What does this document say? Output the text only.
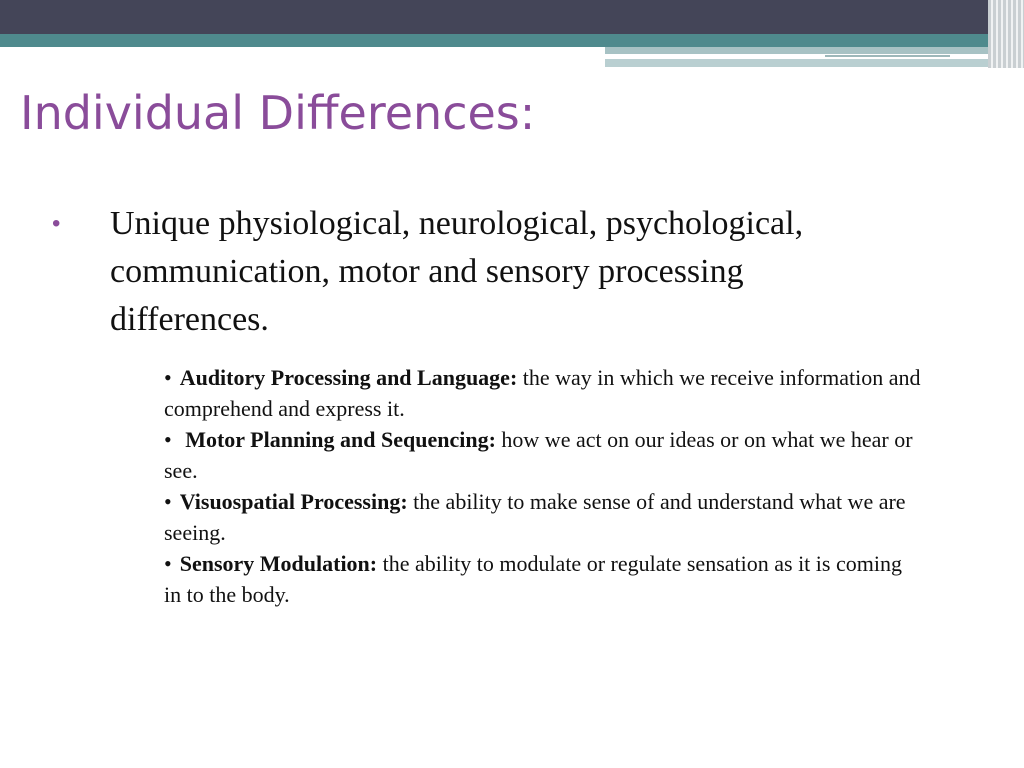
Individual Differences:
• Unique physiological, neurological, psychological, communication, motor and sensory processing differences.

• Auditory Processing and Language: the way in which we receive information and comprehend and express it.

• Motor Planning and Sequencing: how we act on our ideas or on what we hear or see.

• Visuospatial Processing: the ability to make sense of and understand what we are seeing.

• Sensory Modulation: the ability to modulate or regulate sensation as it is coming in to the body.
